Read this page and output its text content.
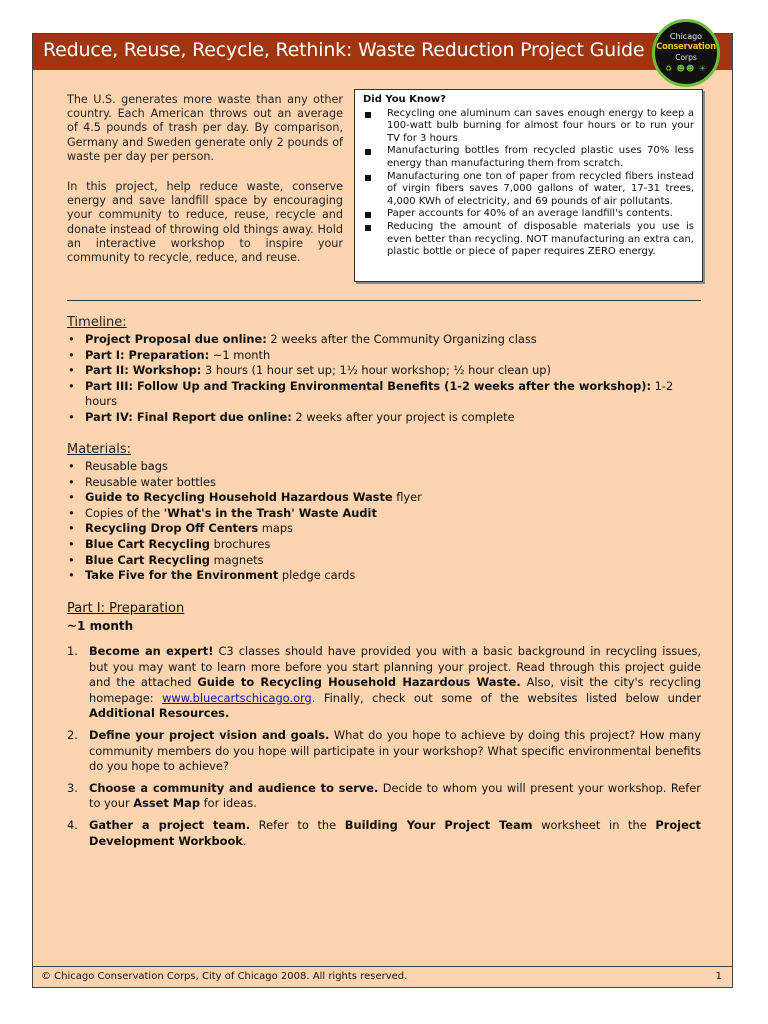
Reduce, Reuse, Recycle, Rethink: Waste Reduction Project Guide
Chicago
Conservation
Corps
♻ ☻☻ ☀

The U.S. generates more waste than any other country. Each American throws out an average of 4.5 pounds of trash per day. By comparison, Germany and Sweden generate only 2 pounds of waste per day per person.

In this project, help reduce waste, conserve energy and save landfill space by encouraging your community to reduce, reuse, recycle and donate instead of throwing old things away. Hold an interactive workshop to inspire your community to recycle, reduce, and reuse.

Did You Know?
Recycling one aluminum can saves enough energy to keep a 100-watt bulb burning for almost four hours or to run your TV for 3 hours
Manufacturing bottles from recycled plastic uses 70% less energy than manufacturing them from scratch.
Manufacturing one ton of paper from recycled fibers instead of virgin fibers saves 7,000 gallons of water, 17-31 trees, 4,000 KWh of electricity, and 69 pounds of air pollutants.
Paper accounts for 40% of an average landfill's contents.
Reducing the amount of disposable materials you use is even better than recycling. NOT manufacturing an extra can, plastic bottle or piece of paper requires ZERO energy.
Timeline:
• Project Proposal due online: 2 weeks after the Community Organizing class
• Part I: Preparation: ~1 month
• Part II: Workshop: 3 hours (1 hour set up; 1½ hour workshop; ½ hour clean up)
• Part III: Follow Up and Tracking Environmental Benefits (1-2 weeks after the workshop): 1-2 hours
• Part IV: Final Report due online: 2 weeks after your project is complete
Materials:
• Reusable bags
• Reusable water bottles
• Guide to Recycling Household Hazardous Waste flyer
• Copies of the 'What's in the Trash' Waste Audit
• Recycling Drop Off Centers maps
• Blue Cart Recycling brochures
• Blue Cart Recycling magnets
• Take Five for the Environment pledge cards
Part I: Preparation
~1 month
1. Become an expert! C3 classes should have provided you with a basic background in recycling issues, but you may want to learn more before you start planning your project. Read through this project guide and the attached Guide to Recycling Household Hazardous Waste. Also, visit the city's recycling homepage: www.bluecartschicago.org. Finally, check out some of the websites listed below under Additional Resources.
2. Define your project vision and goals. What do you hope to achieve by doing this project? How many community members do you hope will participate in your workshop? What specific environmental benefits do you hope to achieve?
3. Choose a community and audience to serve. Decide to whom you will present your workshop. Refer to your Asset Map for ideas.
4. Gather a project team. Refer to the Building Your Project Team worksheet in the Project Development Workbook.
© Chicago Conservation Corps, City of Chicago 2008. All rights reserved.	1
